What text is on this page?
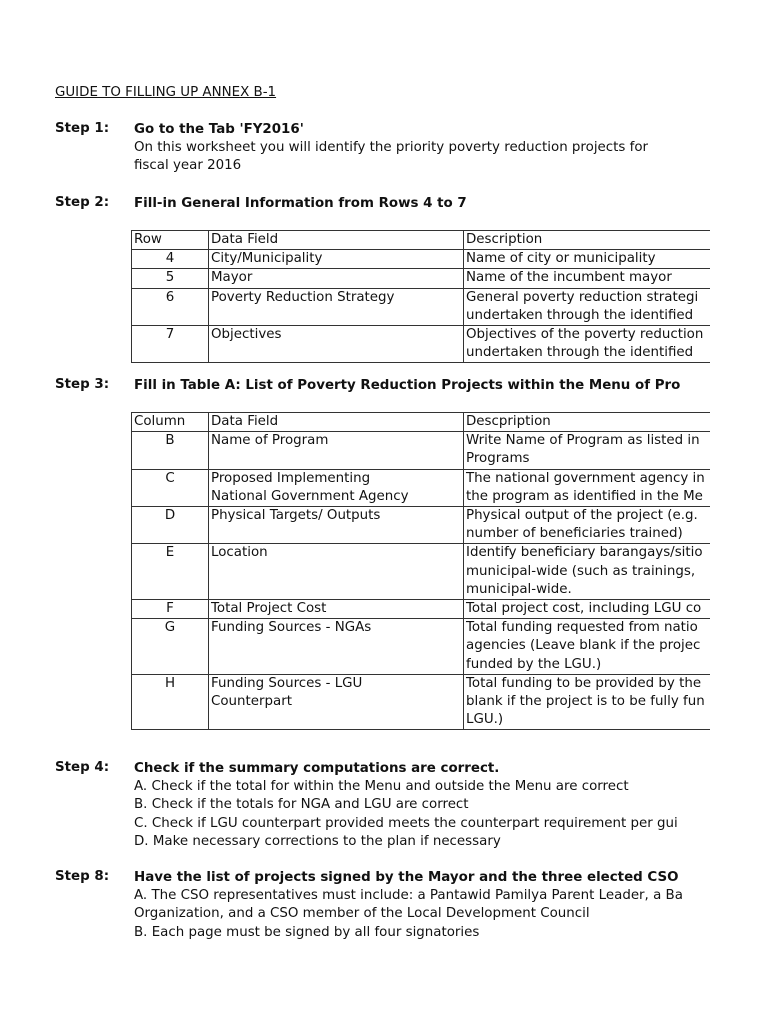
GUIDE TO FILLING UP ANNEX B-1
Step 1: Go to the Tab 'FY2016'
On this worksheet you will identify the priority poverty reduction projects for
fiscal year 2016
Step 2: Fill-in General Information from Rows 4 to 7
Row	Data Field	Description
4	City/Municipality	Name of city or municipality
5	Mayor	Name of the incumbent mayor
6	Poverty Reduction Strategy	General poverty reduction strategi
undertaken through the identified
7	Objectives	Objectives of the poverty reduction
undertaken through the identified
Step 3: Fill in Table A: List of Poverty Reduction Projects within the Menu of Pro
Column	Data Field	Descpription
B	Name of Program	Write Name of Program as listed in
Programs
C	Proposed Implementing
National Government Agency	The national government agency in
the program as identified in the Me
D	Physical Targets/ Outputs	Physical output of the project (e.g.
number of beneficiaries trained)
E	Location	Identify beneficiary barangays/sitio
municipal-wide (such as trainings,
municipal-wide.
F	Total Project Cost	Total project cost, including LGU co
G	Funding Sources - NGAs	Total funding requested from natio
agencies (Leave blank if the projec
funded by the LGU.)
H	Funding Sources - LGU
Counterpart	Total funding to be provided by the
blank if the project is to be fully fun
LGU.)
Step 4: Check if the summary computations are correct.
A. Check if the total for within the Menu and outside the Menu are correct
B. Check if the totals for NGA and LGU are correct
C. Check if LGU counterpart provided meets the counterpart requirement per gui
D. Make necessary corrections to the plan if necessary
Step 8: Have the list of projects signed by the Mayor and the three elected CSO
A. The CSO representatives must include: a Pantawid Pamilya Parent Leader, a Ba
Organization, and a CSO member of the Local Development Council
B. Each page must be signed by all four signatories
